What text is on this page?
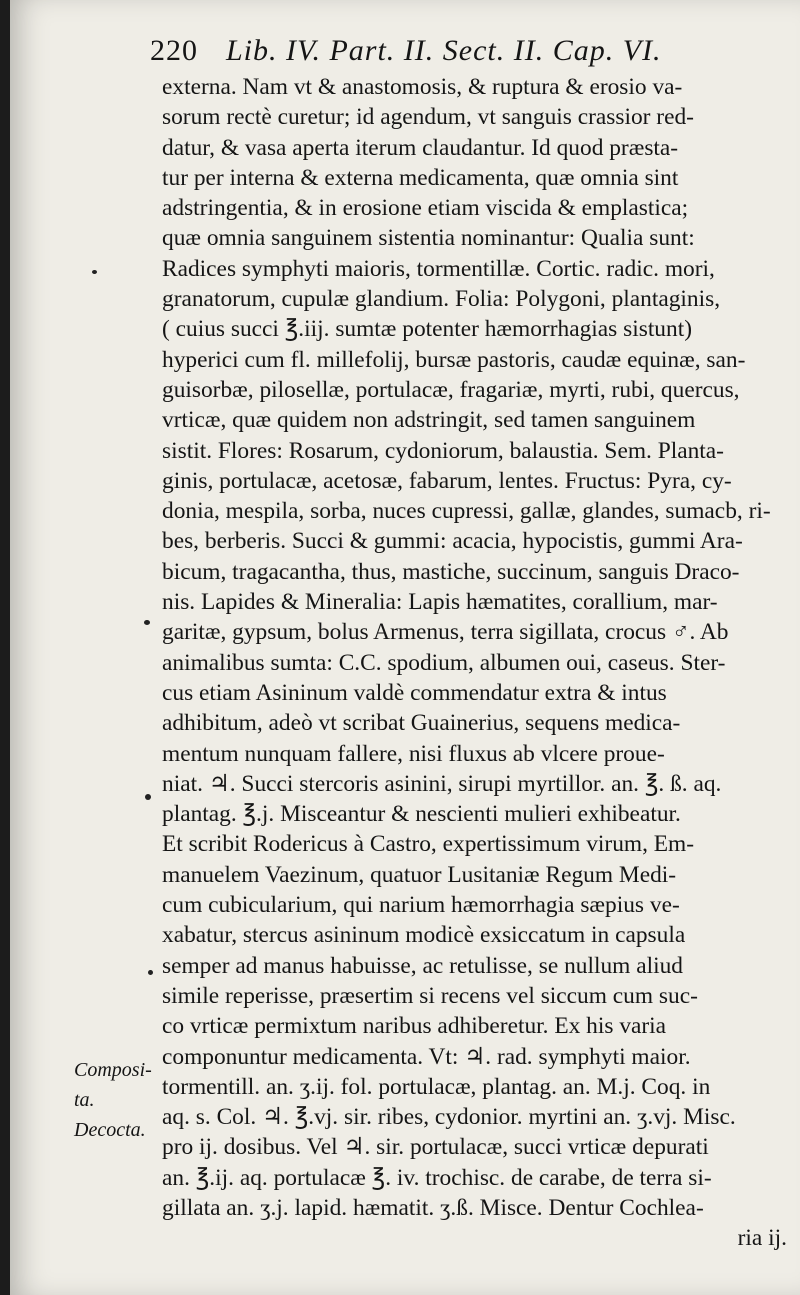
220 Lib. IV. Part. II. Sect. II. Cap. VI.
externa. Nam vt & anastomosis, & ruptura & erosio va-
sorum rectè curetur; id agendum, vt sanguis crassior red-
datur, & vasa aperta iterum claudantur. Id quod præsta-
tur per interna & externa medicamenta, quæ omnia sint
adstringentia, & in erosione etiam viscida & emplastica;
quæ omnia sanguinem sistentia nominantur: Qualia sunt:
Radices symphyti maioris, tormentillæ. Cortic. radic. mori,
granatorum, cupulæ glandium. Folia: Polygoni, plantaginis,
( cuius succi ℥.iij. sumtæ potenter hæmorrhagias sistunt)
hyperici cum fl. millefolij, bursæ pastoris, caudæ equinæ, san-
guisorbæ, pilosellæ, portulacæ, fragariæ, myrti, rubi, quercus,
vrticæ, quæ quidem non adstringit, sed tamen sanguinem
sistit. Flores: Rosarum, cydoniorum, balaustia. Sem. Planta-
ginis, portulacæ, acetosæ, fabarum, lentes. Fructus: Pyra, cy-
donia, mespila, sorba, nuces cupressi, gallæ, glandes, sumacb, ri-
bes, berberis. Succi & gummi: acacia, hypocistis, gummi Ara-
bicum, tragacantha, thus, mastiche, succinum, sanguis Draco-
nis. Lapides & Mineralia: Lapis hæmatites, corallium, mar-
garitæ, gypsum, bolus Armenus, terra sigillata, crocus ♂. Ab
animalibus sumta: C.C. spodium, albumen oui, caseus. Ster-
cus etiam Asininum valdè commendatur extra & intus
adhibitum, adeò vt scribat Guainerius, sequens medica-
mentum nunquam fallere, nisi fluxus ab vlcere proue-
niat. ♃. Succi stercoris asinini, sirupi myrtillor. an. ℥. ß. aq.
plantag. ℥.j. Misceantur & nescienti mulieri exhibeatur.
Et scribit Rodericus à Castro, expertissimum virum, Em-
manuelem Vaezinum, quatuor Lusitaniæ Regum Medi-
cum cubicularium, qui narium hæmorrhagia sæpius ve-
xabatur, stercus asininum modicè exsiccatum in capsula
semper ad manus habuisse, ac retulisse, se nullum aliud
simile reperisse, præsertim si recens vel siccum cum suc-
co vrticæ permixtum naribus adhiberetur. Ex his varia
componuntur medicamenta. Vt: ♃. rad. symphyti maior.
tormentill. an. ʒ.ij. fol. portulacæ, plantag. an. M.j. Coq. in
aq. s. Col. ♃. ℥.vj. sir. ribes, cydonior. myrtini an. ʒ.vj. Misc.
pro ij. dosibus. Vel ♃. sir. portulacæ, succi vrticæ depurati
an. ℥.ij. aq. portulacæ ℥. iv. trochisc. de carabe, de terra si-
gillata an. ʒ.j. lapid. hæmatit. ʒ.ß. Misce. Dentur Cochlea-
ria ij.
Composi-
ta.
Decocta.
